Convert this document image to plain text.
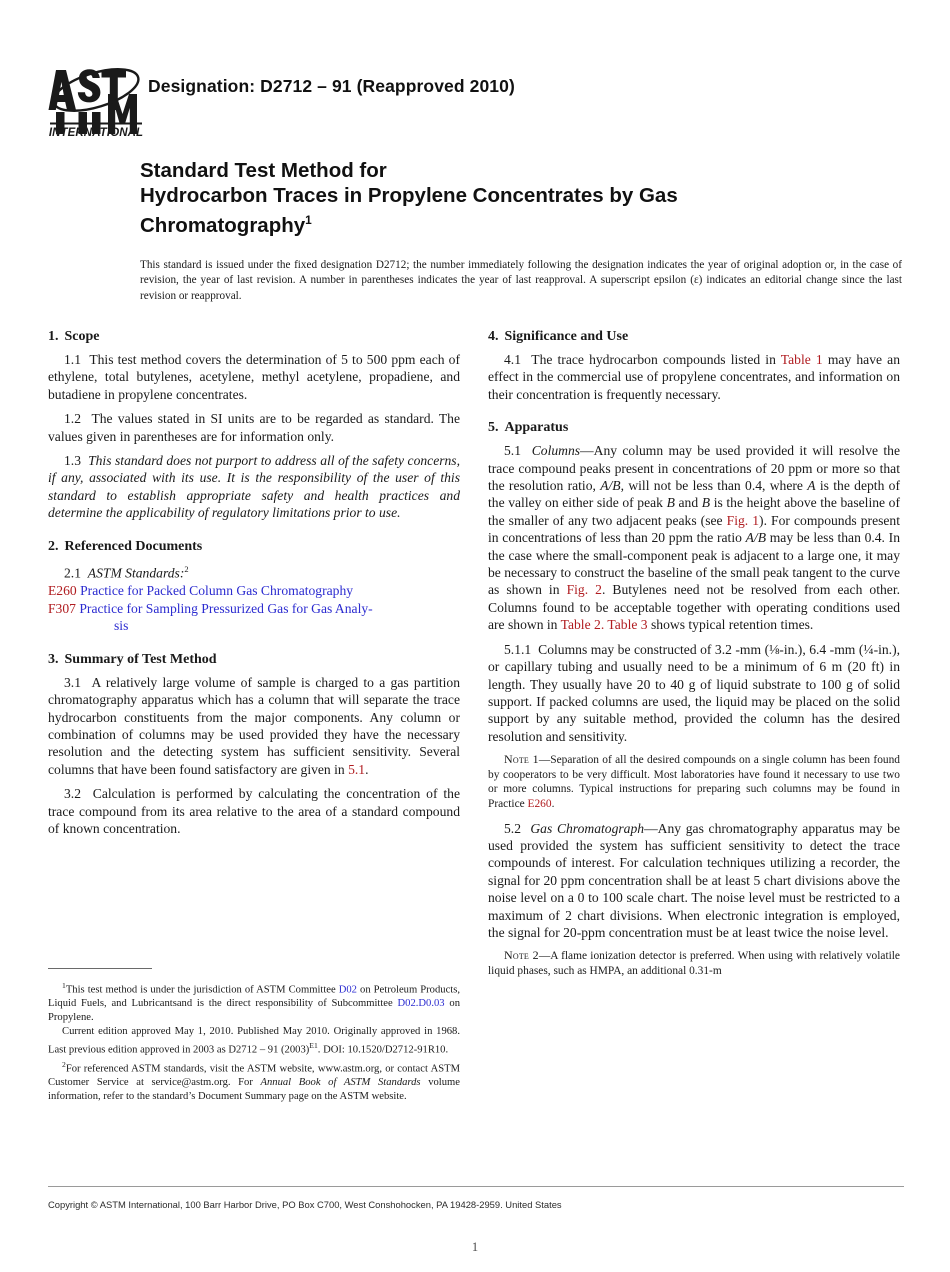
INTERNATIONAL
Designation: D2712 – 91 (Reapproved 2010)
Standard Test Method for
Hydrocarbon Traces in Propylene Concentrates by Gas
Chromatography$^1$
This standard is issued under the fixed designation D2712; the number immediately following the designation indicates the year of original adoption or, in the case of revision, the year of last revision. A number in parentheses indicates the year of last reapproval. A superscript epsilon (ε) indicates an editorial change since the last revision or reapproval.
1. Scope

1.1 This test method covers the determination of 5 to 500 ppm each of ethylene, total butylenes, acetylene, methyl acetylene, propadiene, and butadiene in propylene concentrates.

1.2 The values stated in SI units are to be regarded as standard. The values given in parentheses are for information only.

1.3 This standard does not purport to address all of the safety concerns, if any, associated with its use. It is the responsibility of the user of this standard to establish appropriate safety and health practices and determine the applicability of regulatory limitations prior to use.

2. Referenced Documents

2.1 ASTM Standards:$^2$

E260 Practice for Packed Column Gas Chromatography
F307 Practice for Sampling Pressurized Gas for Gas Analy-
sis
3. Summary of Test Method

3.1 A relatively large volume of sample is charged to a gas partition chromatography apparatus which has a column that will separate the trace hydrocarbon constituents from the major components. Any column or combination of columns may be used provided they have the necessary resolution and the detecting system has sufficient sensitivity. Several columns that have been found satisfactory are given in 5.1.

3.2 Calculation is performed by calculating the concentration of the trace compound from its area relative to the area of a standard compound of known concentration.

4. Significance and Use

4.1 The trace hydrocarbon compounds listed in Table 1 may have an effect in the commercial use of propylene concentrates, and information on their concentration is frequently necessary.

5. Apparatus

5.1 Columns—Any column may be used provided it will resolve the trace compound peaks present in concentrations of 20 ppm or more so that the resolution ratio, A/B, will not be less than 0.4, where A is the depth of the valley on either side of peak B and B is the height above the baseline of the smaller of any two adjacent peaks (see Fig. 1). For compounds present in concentrations of less than 20 ppm the ratio A/B may be less than 0.4. In the case where the small-component peak is adjacent to a large one, it may be necessary to construct the baseline of the small peak tangent to the curve as shown in Fig. 2. Butylenes need not be resolved from each other. Columns found to be acceptable together with operating conditions used are shown in Table 2. Table 3 shows typical retention times.

5.1.1 Columns may be constructed of 3.2 -mm (⅛-in.), 6.4 -mm (¼-in.), or capillary tubing and usually need to be a minimum of 6 m (20 ft) in length. They usually have 20 to 40 g of liquid substrate to 100 g of solid support. If packed columns are used, the liquid may be placed on the solid support by any suitable method, provided the column has the desired resolution and sensitivity.

Note 1—Separation of all the desired compounds on a single column has been found by cooperators to be very difficult. Most laboratories have found it necessary to use two or more columns. Typical instructions for preparing such columns may be found in Practice E260.

5.2 Gas Chromatograph—Any gas chromatography apparatus may be used provided the system has sufficient sensitivity to detect the trace compounds of interest. For calculation techniques utilizing a recorder, the signal for 20 ppm concentration shall be at least 5 chart divisions above the noise level on a 0 to 100 scale chart. The noise level must be restricted to a maximum of 2 chart divisions. When electronic integration is employed, the signal for 20-ppm concentration must be at least twice the noise level.

Note 2—A flame ionization detector is preferred. When using with relatively volatile liquid phases, such as HMPA, an additional 0.31-m

$^1$This test method is under the jurisdiction of ASTM Committee D02 on Petroleum Products, Liquid Fuels, and Lubricantsand is the direct responsibility of Subcommittee D02.D0.03 on Propylene.

Current edition approved May 1, 2010. Published May 2010. Originally approved in 1968. Last previous edition approved in 2003 as D2712 – 91 $(2003)^{E1}$. DOI: 10.1520/D2712-91R10.

$^2$For referenced ASTM standards, visit the ASTM website, www.astm.org, or contact ASTM Customer Service at service@astm.org. For Annual Book of ASTM Standards volume information, refer to the standard’s Document Summary page on the ASTM website.

Copyright © ASTM International, 100 Barr Harbor Drive, PO Box C700, West Conshohocken, PA 19428-2959. United States
1
